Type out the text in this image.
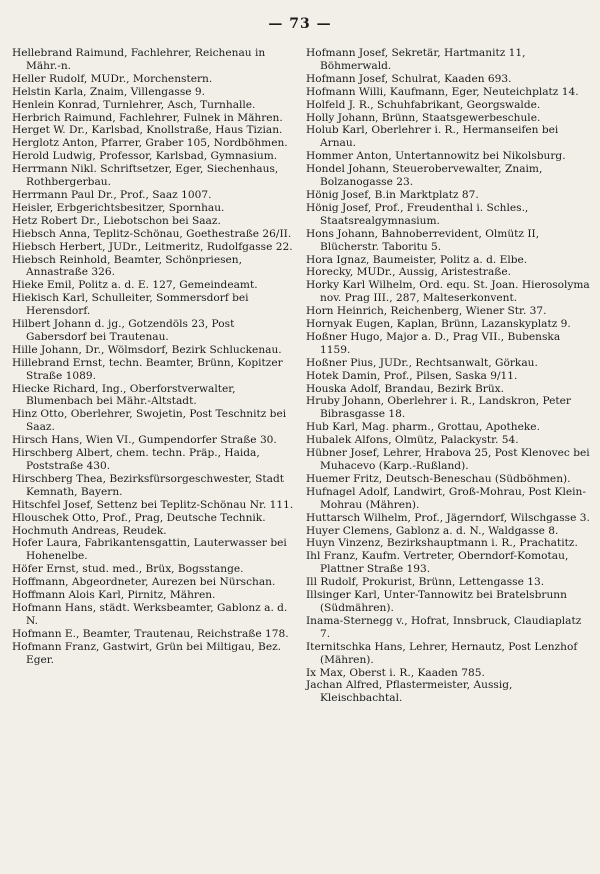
— 73 —
Hellebrand Raimund, Fachlehrer, Reichenau in Mähr.-n.
Heller Rudolf, MUDr., Morchenstern.
Helstin Karla, Znaim, Villengasse 9.
Henlein Konrad, Turnlehrer, Asch, Turnhalle.
Herbrich Raimund, Fachlehrer, Fulnek in Mähren.
Herget W. Dr., Karlsbad, Knollstraße, Haus Tizian.
Herglotz Anton, Pfarrer, Graber 105, Nordböhmen.
Herold Ludwig, Professor, Karlsbad, Gymnasium.
Herrmann Nikl. Schriftsetzer, Eger, Siechenhaus, Rothbergerbau.
Herrmann Paul Dr., Prof., Saaz 1007.
Heisler, Erbgerichtsbesitzer, Spornhau.
Hetz Robert Dr., Liebotschon bei Saaz.
Hiebsch Anna, Teplitz-Schönau, Goethestraße 26/II.
Hiebsch Herbert, JUDr., Leitmeritz, Rudolfgasse 22.
Hiebsch Reinhold, Beamter, Schönpriesen, Annastraße 326.
Hieke Emil, Politz a. d. E. 127, Gemeindeamt.
Hiekisch Karl, Schulleiter, Sommersdorf bei Herensdorf.
Hilbert Johann d. jg., Gotzendöls 23, Post Gabersdorf bei Trautenau.
Hille Johann, Dr., Wölmsdorf, Bezirk Schluckenau.
Hillebrand Ernst, techn. Beamter, Brünn, Kopitzer Straße 1089.
Hiecke Richard, Ing., Oberforstverwalter, Blumenbach bei Mähr.-Altstadt.
Hinz Otto, Oberlehrer, Swojetin, Post Teschnitz bei Saaz.
Hirsch Hans, Wien VI., Gumpendorfer Straße 30.
Hirschberg Albert, chem. techn. Präp., Haida, Poststraße 430.
Hirschberg Thea, Bezirksfürsorgeschwester, Stadt Kemnath, Bayern.
Hitschfel Josef, Settenz bei Teplitz-Schönau Nr. 111.
Hlouschek Otto, Prof., Prag, Deutsche Technik.
Hochmuth Andreas, Reudek.
Hofer Laura, Fabrikantensgattin, Lauterwasser bei Hohenelbe.
Höfer Ernst, stud. med., Brüx, Bogsstange.
Hoffmann, Abgeordneter, Aurezen bei Nürschan.
Hoffmann Alois Karl, Pirnitz, Mähren.
Hofmann Hans, städt. Werksbeamter, Gablonz a. d. N.
Hofmann E., Beamter, Trautenau, Reichstraße 178.
Hofmann Franz, Gastwirt, Grün bei Miltigau, Bez. Eger.
Hofmann Josef, Sekretär, Hartmanitz 11, Böhmerwald.
Hofmann Josef, Schulrat, Kaaden 693.
Hofmann Willi, Kaufmann, Eger, Neuteichplatz 14.
Holfeld J. R., Schuhfabrikant, Georgswalde.
Holly Johann, Brünn, Staatsgewerbeschule.
Holub Karl, Oberlehrer i. R., Hermanseifen bei Arnau.
Hommer Anton, Untertannowitz bei Nikolsburg.
Hondel Johann, Steuerobervewalter, Znaim, Bolzanogasse 23.
Hönig Josef, B.in Marktplatz 87.
Hönig Josef, Prof., Freudenthal i. Schles., Staatsrealgymnasium.
Hons Johann, Bahnoberrevident, Olmütz II, Blücherstr. Taboritu 5.
Hora Ignaz, Baumeister, Politz a. d. Elbe.
Horecky, MUDr., Aussig, Aristestraße.
Horky Karl Wilhelm, Ord. equ. St. Joan. Hierosolyma nov. Prag III., 287, Malteserkonvent.
Horn Heinrich, Reichenberg, Wiener Str. 37.
Hornyak Eugen, Kaplan, Brünn, Lazanskyplatz 9.
Hoßner Hugo, Major a. D., Prag VII., Bubenska 1159.
Hoßner Pius, JUDr., Rechtsanwalt, Görkau.
Hotek Damin, Prof., Pilsen, Saska 9/11.
Houska Adolf, Brandau, Bezirk Brüx.
Hruby Johann, Oberlehrer i. R., Landskron, Peter Bibrasgasse 18.
Hub Karl, Mag. pharm., Grottau, Apotheke.
Hubalek Alfons, Olmütz, Palackystr. 54.
Hübner Josef, Lehrer, Hrabova 25, Post Klenovec bei Muhacevo (Karp.-Rußland).
Huemer Fritz, Deutsch-Beneschau (Südböhmen).
Hufnagel Adolf, Landwirt, Groß-Mohrau, Post Klein-Mohrau (Mähren).
Huttarsch Wilhelm, Prof., Jägerndorf, Wilschgasse 3.
Huyer Clemens, Gablonz a. d. N., Waldgasse 8.
Huyn Vinzenz, Bezirkshauptmann i. R., Prachatitz.
Ihl Franz, Kaufm. Vertreter, Oberndorf-Komotau, Plattner Straße 193.
Ill Rudolf, Prokurist, Brünn, Lettengasse 13.
Illsinger Karl, Unter-Tannowitz bei Bratelsbrunn (Südmähren).
Inama-Sternegg v., Hofrat, Innsbruck, Claudiaplatz 7.
Iternitschka Hans, Lehrer, Hernautz, Post Lenzhof (Mähren).
Ix Max, Oberst i. R., Kaaden 785.
Jachan Alfred, Pflastermeister, Aussig, Kleischbachtal.
